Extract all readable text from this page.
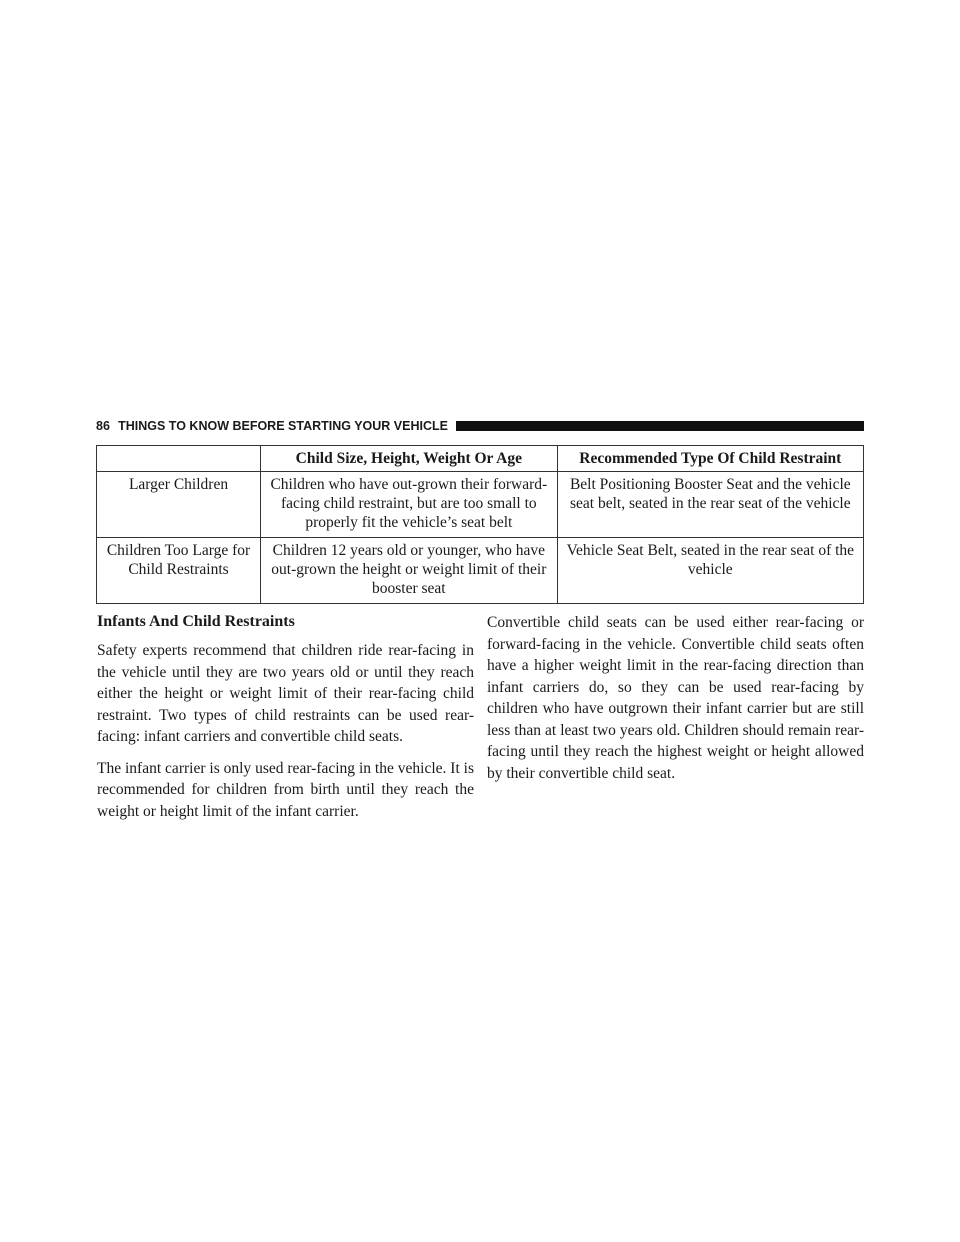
86 THINGS TO KNOW BEFORE STARTING YOUR VEHICLE
	Child Size, Height, Weight Or Age	Recommended Type Of Child Restraint
Larger Children	Children who have out-grown their forward-facing child restraint, but are too small to properly fit the vehicle’s seat belt	Belt Positioning Booster Seat and the vehicle seat belt, seated in the rear seat of the vehicle
Children Too Large for Child Restraints	Children 12 years old or younger, who have out-grown the height or weight limit of their booster seat	Vehicle Seat Belt, seated in the rear seat of the vehicle
Infants And Child Restraints

Safety experts recommend that children ride rear-facing in the vehicle until they are two years old or until they reach either the height or weight limit of their rear-facing child restraint. Two types of child restraints can be used rear-facing: infant carriers and convertible child seats.

The infant carrier is only used rear-facing in the vehicle. It is recommended for children from birth until they reach the weight or height limit of the infant carrier.

Convertible child seats can be used either rear-facing or forward-facing in the vehicle. Convertible child seats often have a higher weight limit in the rear-facing direction than infant carriers do, so they can be used rear-facing by children who have outgrown their infant carrier but are still less than at least two years old. Children should remain rear-facing until they reach the highest weight or height allowed by their convertible child seat.
